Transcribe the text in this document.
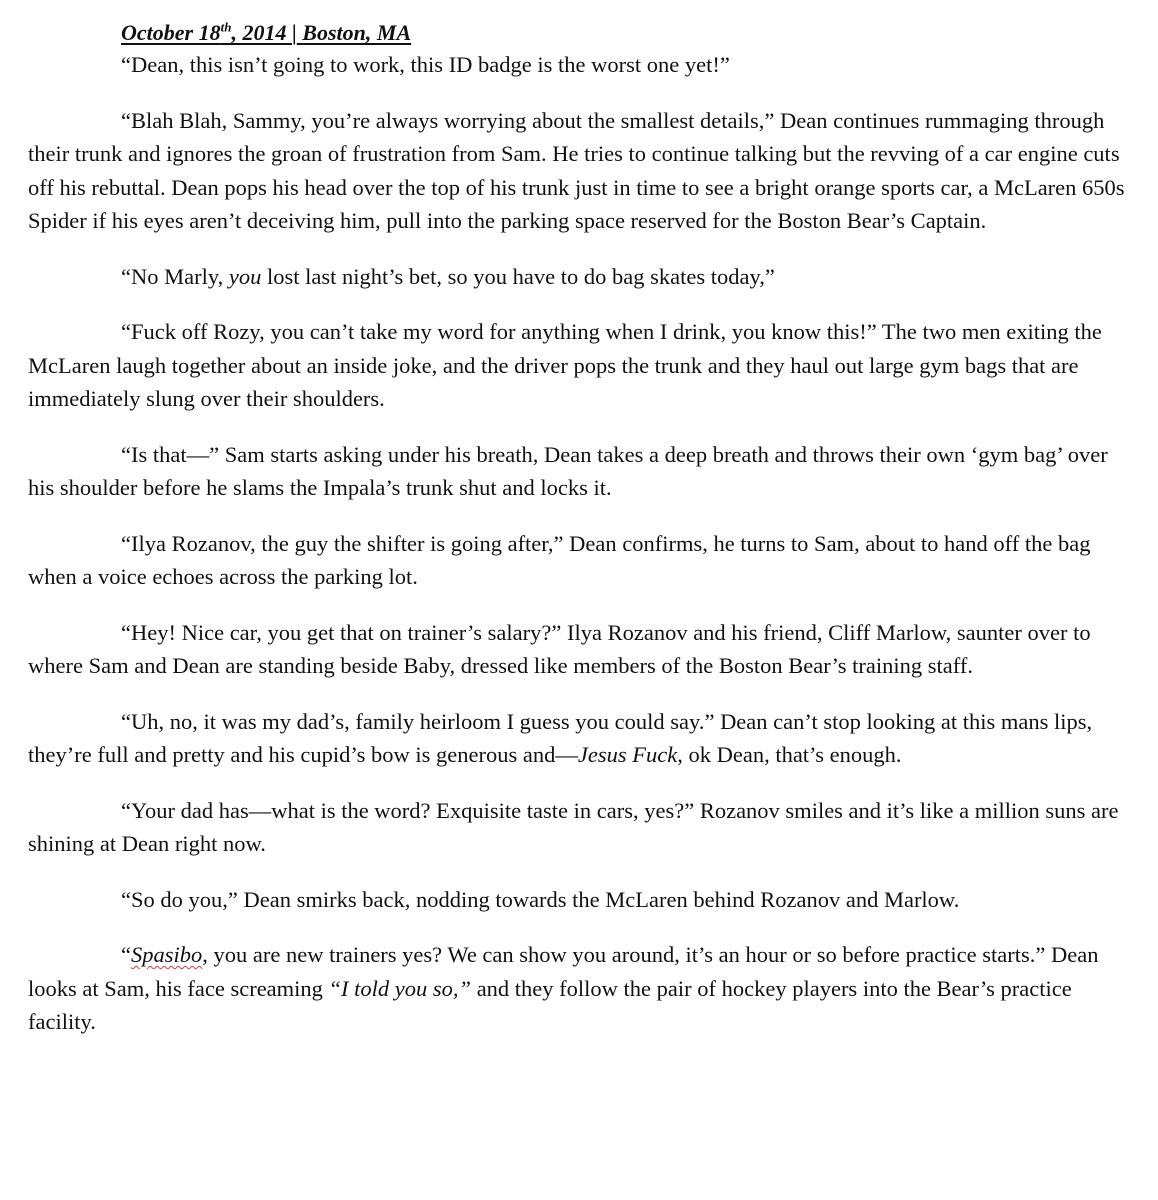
October 18th, 2014 | Boston, MA

“Dean, this isn’t going to work, this ID badge is the worst one yet!”

“Blah Blah, Sammy, you’re always worrying about the smallest details,” Dean continues rummaging through their trunk and ignores the groan of frustration from Sam. He tries to continue talking but the revving of a car engine cuts off his rebuttal. Dean pops his head over the top of his trunk just in time to see a bright orange sports car, a McLaren 650s Spider if his eyes aren’t deceiving him, pull into the parking space reserved for the Boston Bear’s Captain.

“No Marly, you lost last night’s bet, so you have to do bag skates today,”

“Fuck off Rozy, you can’t take my word for anything when I drink, you know this!” The two men exiting the McLaren laugh together about an inside joke, and the driver pops the trunk and they haul out large gym bags that are immediately slung over their shoulders.

“Is that—” Sam starts asking under his breath, Dean takes a deep breath and throws their own ‘gym bag’ over his shoulder before he slams the Impala’s trunk shut and locks it.

“Ilya Rozanov, the guy the shifter is going after,” Dean confirms, he turns to Sam, about to hand off the bag when a voice echoes across the parking lot.

“Hey! Nice car, you get that on trainer’s salary?” Ilya Rozanov and his friend, Cliff Marlow, saunter over to where Sam and Dean are standing beside Baby, dressed like members of the Boston Bear’s training staff.

“Uh, no, it was my dad’s, family heirloom I guess you could say.” Dean can’t stop looking at this mans lips, they’re full and pretty and his cupid’s bow is generous and—Jesus Fuck, ok Dean, that’s enough.

“Your dad has—what is the word? Exquisite taste in cars, yes?” Rozanov smiles and it’s like a million suns are shining at Dean right now.

“So do you,” Dean smirks back, nodding towards the McLaren behind Rozanov and Marlow.

“Spasibo, you are new trainers yes? We can show you around, it’s an hour or so before practice starts.” Dean looks at Sam, his face screaming “I told you so,” and they follow the pair of hockey players into the Bear’s practice facility.
